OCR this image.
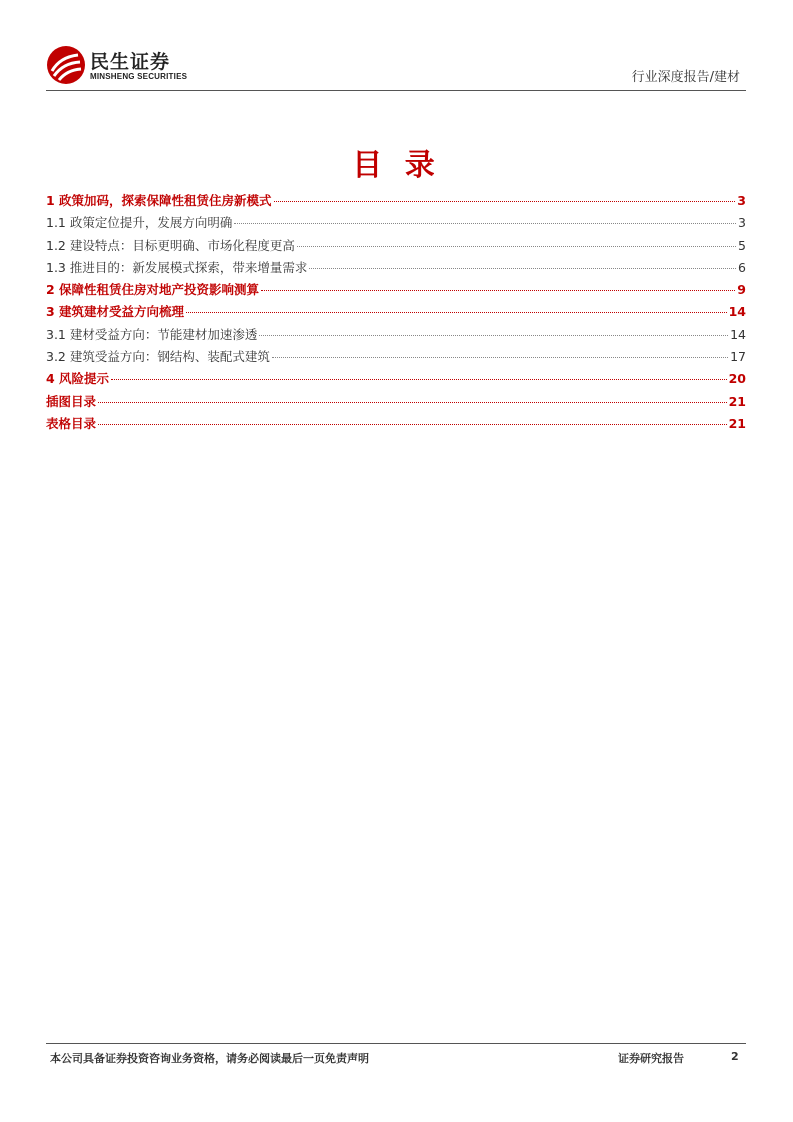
民生证券
MINSHENG SECURITIES	行业深度报告/建材
目 录
1 政策加码，探索保障性租赁住房新模式	3
1.1 政策定位提升，发展方向明确	3
1.2 建设特点：目标更明确、市场化程度更高	5
1.3 推进目的：新发展模式探索，带来增量需求	6
2 保障性租赁住房对地产投资影响测算	9
3 建筑建材受益方向梳理	14
3.1 建材受益方向：节能建材加速渗透	14
3.2 建筑受益方向：钢结构、装配式建筑	17
4 风险提示	20
插图目录	21
表格目录	21
本公司具备证券投资咨询业务资格，请务必阅读最后一页免责声明	证券研究报告	2
